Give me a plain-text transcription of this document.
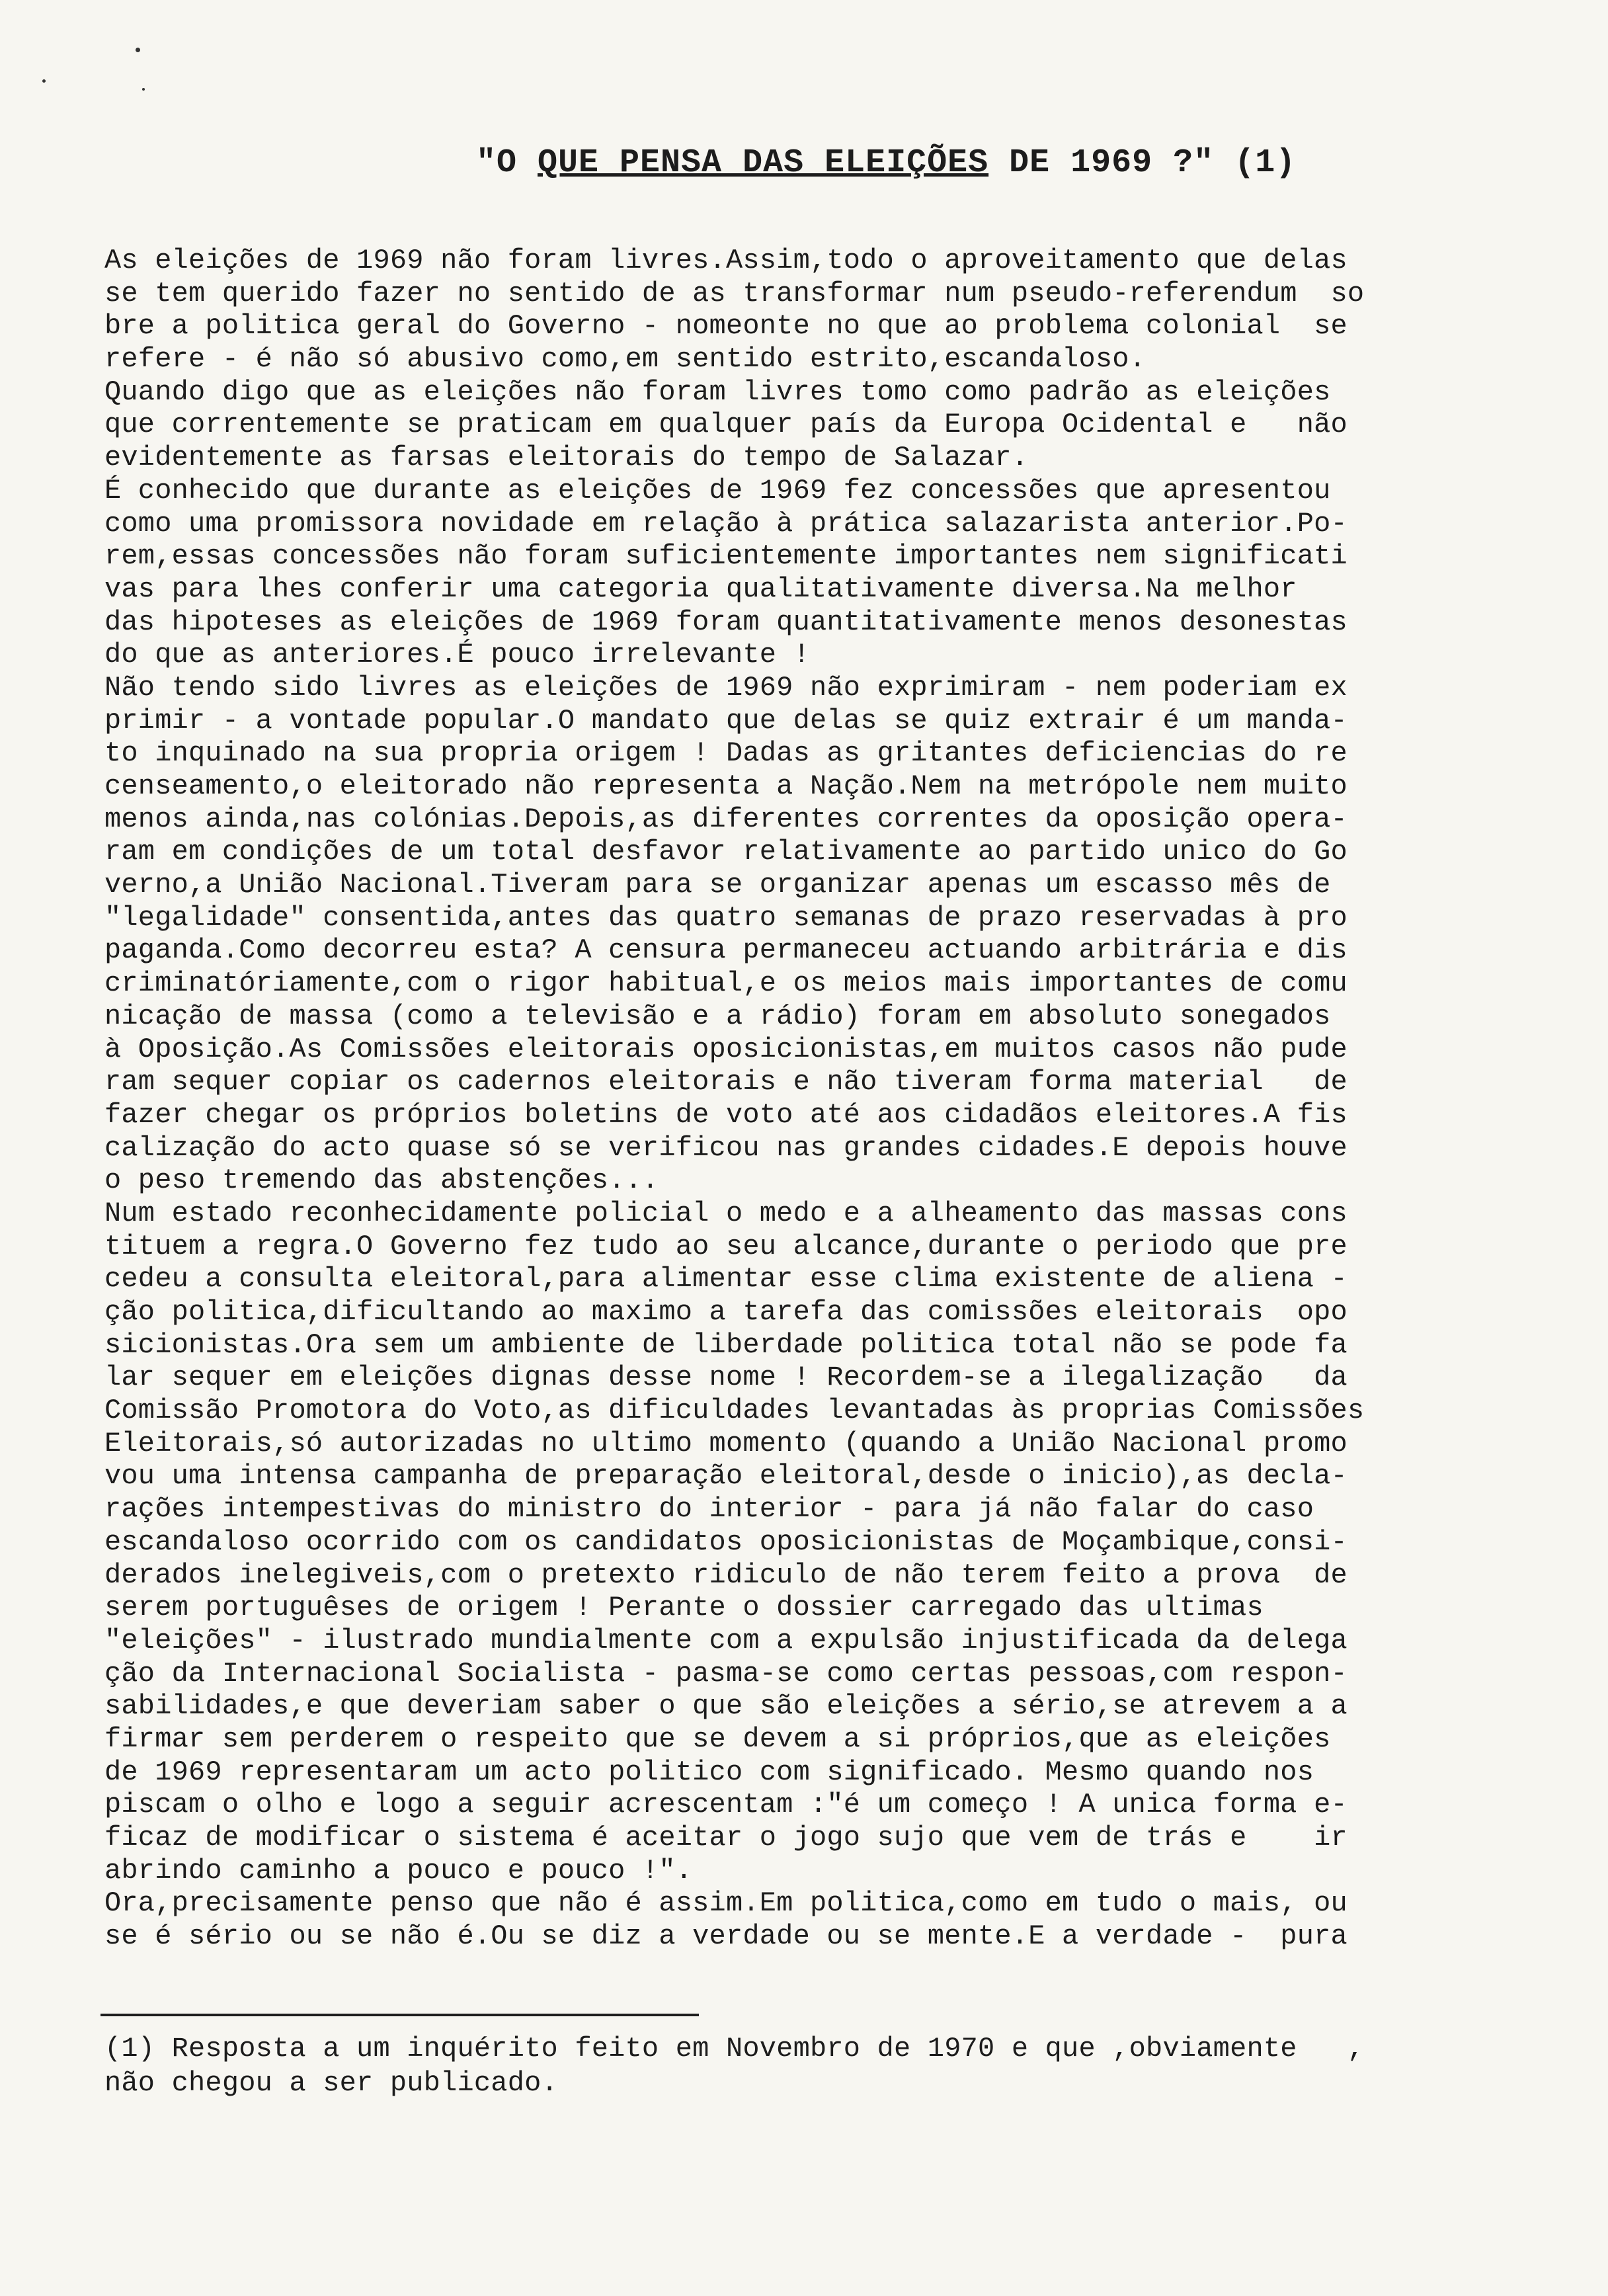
"O QUE PENSA DAS ELEIÇÕES DE 1969 ?" (1)
As eleições de 1969 não foram livres.Assim,todo o aproveitamento que delas
se tem querido fazer no sentido de as transformar num pseudo-referendum  so
bre a politica geral do Governo - nomeonte no que ao problema colonial  se
refere - é não só abusivo como,em sentido estrito,escandaloso.
Quando digo que as eleições não foram livres tomo como padrão as eleições
que correntemente se praticam em qualquer país da Europa Ocidental e   não
evidentemente as farsas eleitorais do tempo de Salazar.
É conhecido que durante as eleições de 1969 fez concessões que apresentou
como uma promissora novidade em relação à prática salazarista anterior.Po-
rem,essas concessões não foram suficientemente importantes nem significati
vas para lhes conferir uma categoria qualitativamente diversa.Na melhor
das hipoteses as eleições de 1969 foram quantitativamente menos desonestas
do que as anteriores.É pouco irrelevante !
Não tendo sido livres as eleições de 1969 não exprimiram - nem poderiam ex
primir - a vontade popular.O mandato que delas se quiz extrair é um manda-
to inquinado na sua propria origem ! Dadas as gritantes deficiencias do re
censeamento,o eleitorado não representa a Nação.Nem na metrópole nem muito
menos ainda,nas colónias.Depois,as diferentes correntes da oposição opera-
ram em condições de um total desfavor relativamente ao partido unico do Go
verno,a União Nacional.Tiveram para se organizar apenas um escasso mês de
"legalidade" consentida,antes das quatro semanas de prazo reservadas à pro
paganda.Como decorreu esta? A censura permaneceu actuando arbitrária e dis
criminatóriamente,com o rigor habitual,e os meios mais importantes de comu
nicação de massa (como a televisão e a rádio) foram em absoluto sonegados
à Oposição.As Comissões eleitorais oposicionistas,em muitos casos não pude
ram sequer copiar os cadernos eleitorais e não tiveram forma material   de
fazer chegar os próprios boletins de voto até aos cidadãos eleitores.A fis
calização do acto quase só se verificou nas grandes cidades.E depois houve
o peso tremendo das abstenções...
Num estado reconhecidamente policial o medo e a alheamento das massas cons
tituem a regra.O Governo fez tudo ao seu alcance,durante o periodo que pre
cedeu a consulta eleitoral,para alimentar esse clima existente de aliena -
ção politica,dificultando ao maximo a tarefa das comissões eleitorais  opo
sicionistas.Ora sem um ambiente de liberdade politica total não se pode fa
lar sequer em eleições dignas desse nome ! Recordem-se a ilegalização   da
Comissão Promotora do Voto,as dificuldades levantadas às proprias Comissões
Eleitorais,só autorizadas no ultimo momento (quando a União Nacional promo
vou uma intensa campanha de preparação eleitoral,desde o inicio),as decla-
rações intempestivas do ministro do interior - para já não falar do caso
escandaloso ocorrido com os candidatos oposicionistas de Moçambique,consi-
derados inelegiveis,com o pretexto ridiculo de não terem feito a prova  de
serem portuguêses de origem ! Perante o dossier carregado das ultimas
"eleições" - ilustrado mundialmente com a expulsão injustificada da delega
ção da Internacional Socialista - pasma-se como certas pessoas,com respon-
sabilidades,e que deveriam saber o que são eleições a sério,se atrevem a a
firmar sem perderem o respeito que se devem a si próprios,que as eleições
de 1969 representaram um acto politico com significado. Mesmo quando nos
piscam o olho e logo a seguir acrescentam :"é um começo ! A unica forma e-
ficaz de modificar o sistema é aceitar o jogo sujo que vem de trás e    ir
abrindo caminho a pouco e pouco !".
Ora,precisamente penso que não é assim.Em politica,como em tudo o mais, ou
se é sério ou se não é.Ou se diz a verdade ou se mente.E a verdade -  pura
(1) Resposta a um inquérito feito em Novembro de 1970 e que ,obviamente   ,
não chegou a ser publicado.
